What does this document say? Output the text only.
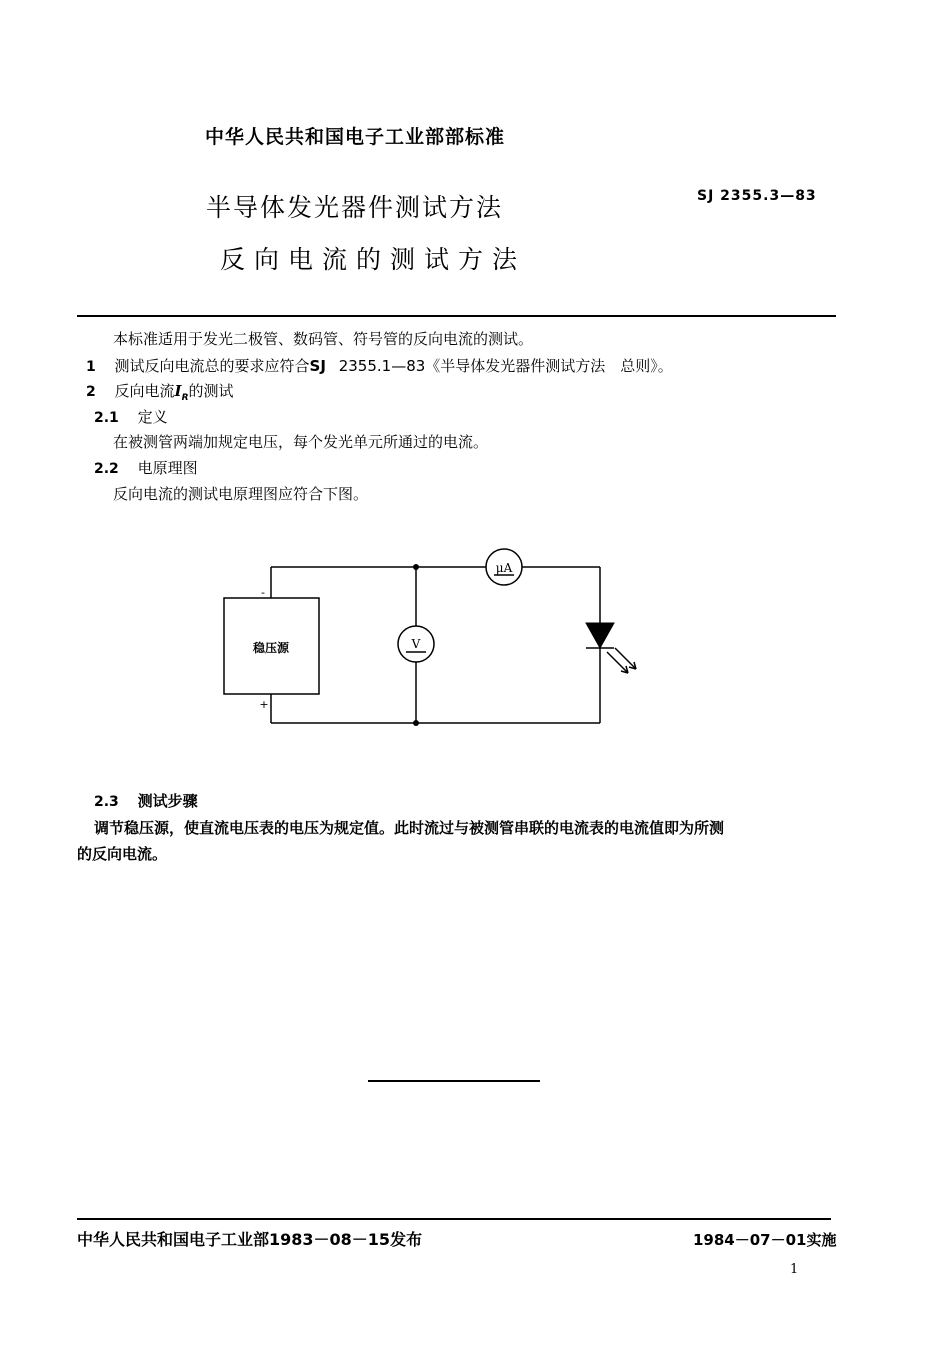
中华人民共和国电子工业部部标准
半导体发光器件测试方法
反向电流的测试方法
SJ 2355.3—83
本标准适用于发光二极管、数码管、符号管的反向电流的测试。
1 测试反向电流总的要求应符合SJ 2355.1—83《半导体发光器件测试方法　总则》。
2 反向电流$I_R$的测试
2.1 定义
在被测管两端加规定电压，每个发光单元所通过的电流。
2.2 电原理图
反向电流的测试电原理图应符合下图。
稳压源
-
+
V
μA
2.3 测试步骤
调节稳压源，使直流电压表的电压为规定值。此时流过与被测管串联的电流表的电流值即为所测
的反向电流。
中华人民共和国电子工业部1983－08－15发布	1984－07－01实施
1
